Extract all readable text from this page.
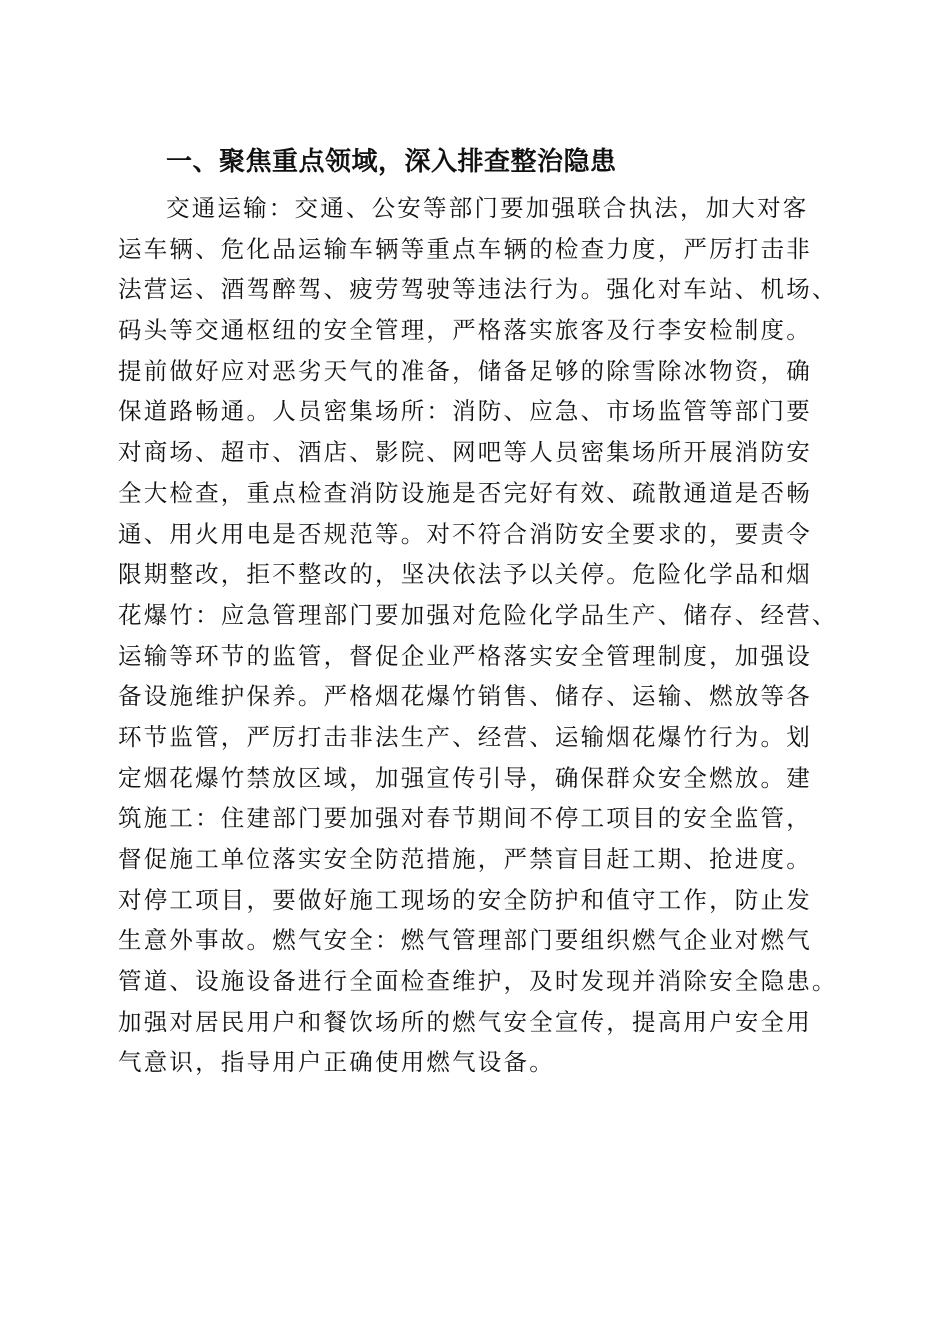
一、聚焦重点领域，深入排查整治隐患
交通运输：交通、公安等部门要加强联合执法，加大对客
运车辆、危化品运输车辆等重点车辆的检查力度，严厉打击非
法营运、酒驾醉驾、疲劳驾驶等违法行为。强化对车站、机场、
码头等交通枢纽的安全管理，严格落实旅客及行李安检制度。
提前做好应对恶劣天气的准备，储备足够的除雪除冰物资，确
保道路畅通。人员密集场所：消防、应急、市场监管等部门要
对商场、超市、酒店、影院、网吧等人员密集场所开展消防安
全大检查，重点检查消防设施是否完好有效、疏散通道是否畅
通、用火用电是否规范等。对不符合消防安全要求的，要责令
限期整改，拒不整改的，坚决依法予以关停。危险化学品和烟
花爆竹：应急管理部门要加强对危险化学品生产、储存、经营、
运输等环节的监管，督促企业严格落实安全管理制度，加强设
备设施维护保养。严格烟花爆竹销售、储存、运输、燃放等各
环节监管，严厉打击非法生产、经营、运输烟花爆竹行为。划
定烟花爆竹禁放区域，加强宣传引导，确保群众安全燃放。建
筑施工：住建部门要加强对春节期间不停工项目的安全监管，
督促施工单位落实安全防范措施，严禁盲目赶工期、抢进度。
对停工项目，要做好施工现场的安全防护和值守工作，防止发
生意外事故。燃气安全：燃气管理部门要组织燃气企业对燃气
管道、设施设备进行全面检查维护，及时发现并消除安全隐患。
加强对居民用户和餐饮场所的燃气安全宣传，提高用户安全用
气意识，指导用户正确使用燃气设备。
